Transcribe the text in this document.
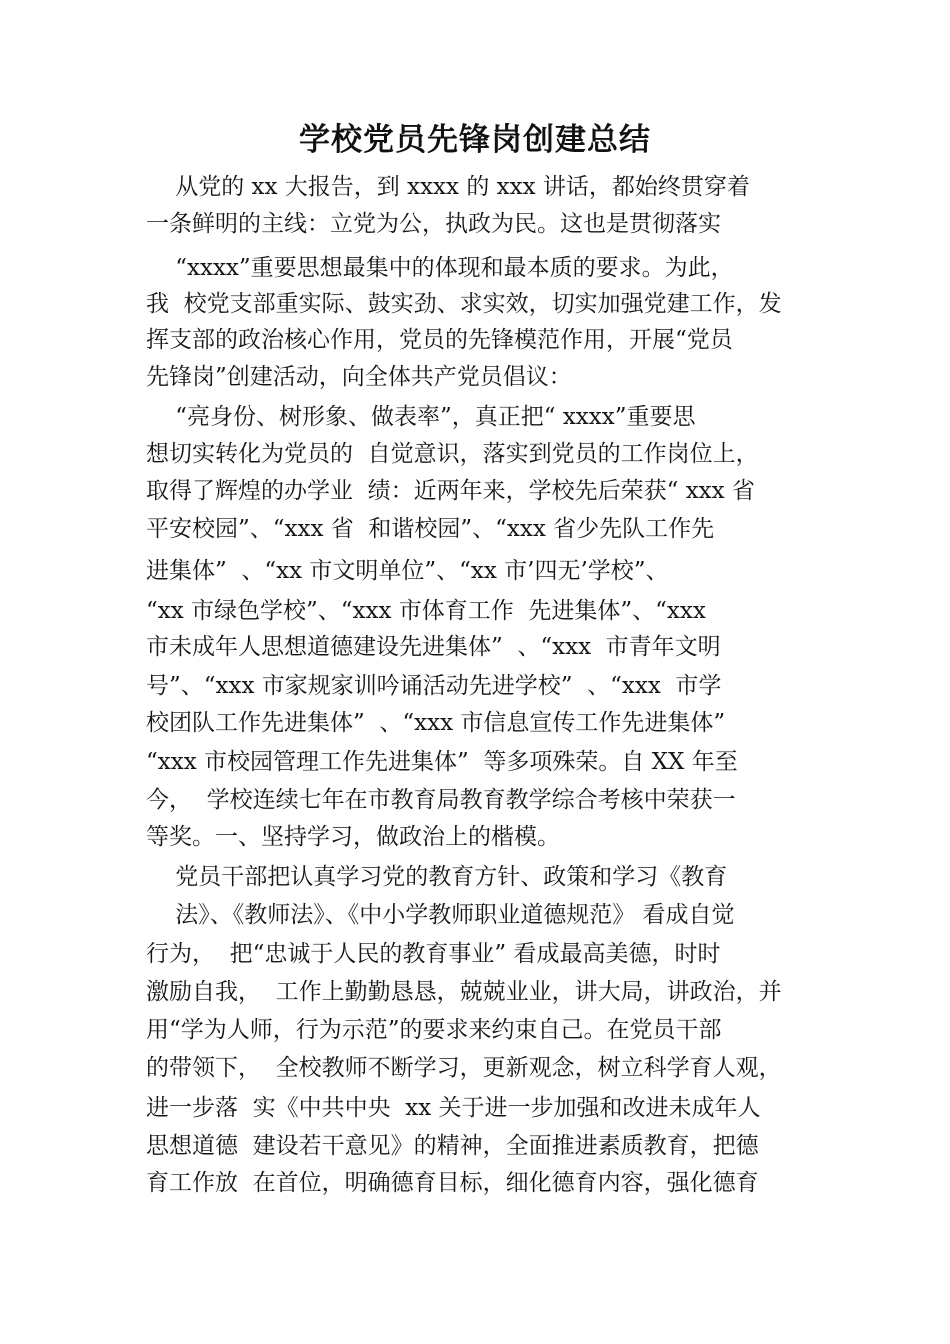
学校党员先锋岗创建总结
从党的 xx 大报告，到 xxxx 的 xxx 讲话，都始终贯穿着
一条鲜明的主线：立党为公，执政为民。这也是贯彻落实
“xxxx”重要思想最集中的体现和最本质的要求。为此，
我  校党支部重实际、鼓实劲、求实效，切实加强党建工作，发
挥支部的政治核心作用，党员的先锋模范作用，开展“党员
先锋岗”创建活动，向全体共产党员倡议：
“亮身份、树形象、做表率”，真正把“ xxxx”重要思
想切实转化为党员的  自觉意识，落实到党员的工作岗位上，
取得了辉煌的办学业  绩：近两年来，学校先后荣获“ xxx 省
平安校园”、“xxx 省  和谐校园”、“xxx 省少先队工作先
进集体”  、“xx 市文明单位”、“xx 市’四无’学校”、
“xx 市绿色学校”、“xxx 市体育工作  先进集体”、“xxx
市未成年人思想道德建设先进集体”  、“xxx  市青年文明
号”、“xxx 市家规家训吟诵活动先进学校”  、“xxx  市学
校团队工作先进集体”  、“xxx 市信息宣传工作先进集体”
“xxx 市校园管理工作先进集体”  等多项殊荣。自 XX 年至
今，  学校连续七年在市教育局教育教学综合考核中荣获一
等奖。一、坚持学习，做政治上的楷模。
党员干部把认真学习党的教育方针、政策和学习《教育
法》、《教师法》、《中小学教师职业道德规范》 看成自觉
行为，  把“忠诚于人民的教育事业” 看成最高美德，时时
激励自我，  工作上勤勤恳恳，兢兢业业，讲大局，讲政治，并
用“学为人师，行为示范”的要求来约束自己。在党员干部
的带领下，  全校教师不断学习，更新观念，树立科学育人观，
进一步落  实《中共中央  xx 关于进一步加强和改进未成年人
思想道德  建设若干意见》的精神，全面推进素质教育，把德
育工作放  在首位，明确德育目标，细化德育内容，强化德育
